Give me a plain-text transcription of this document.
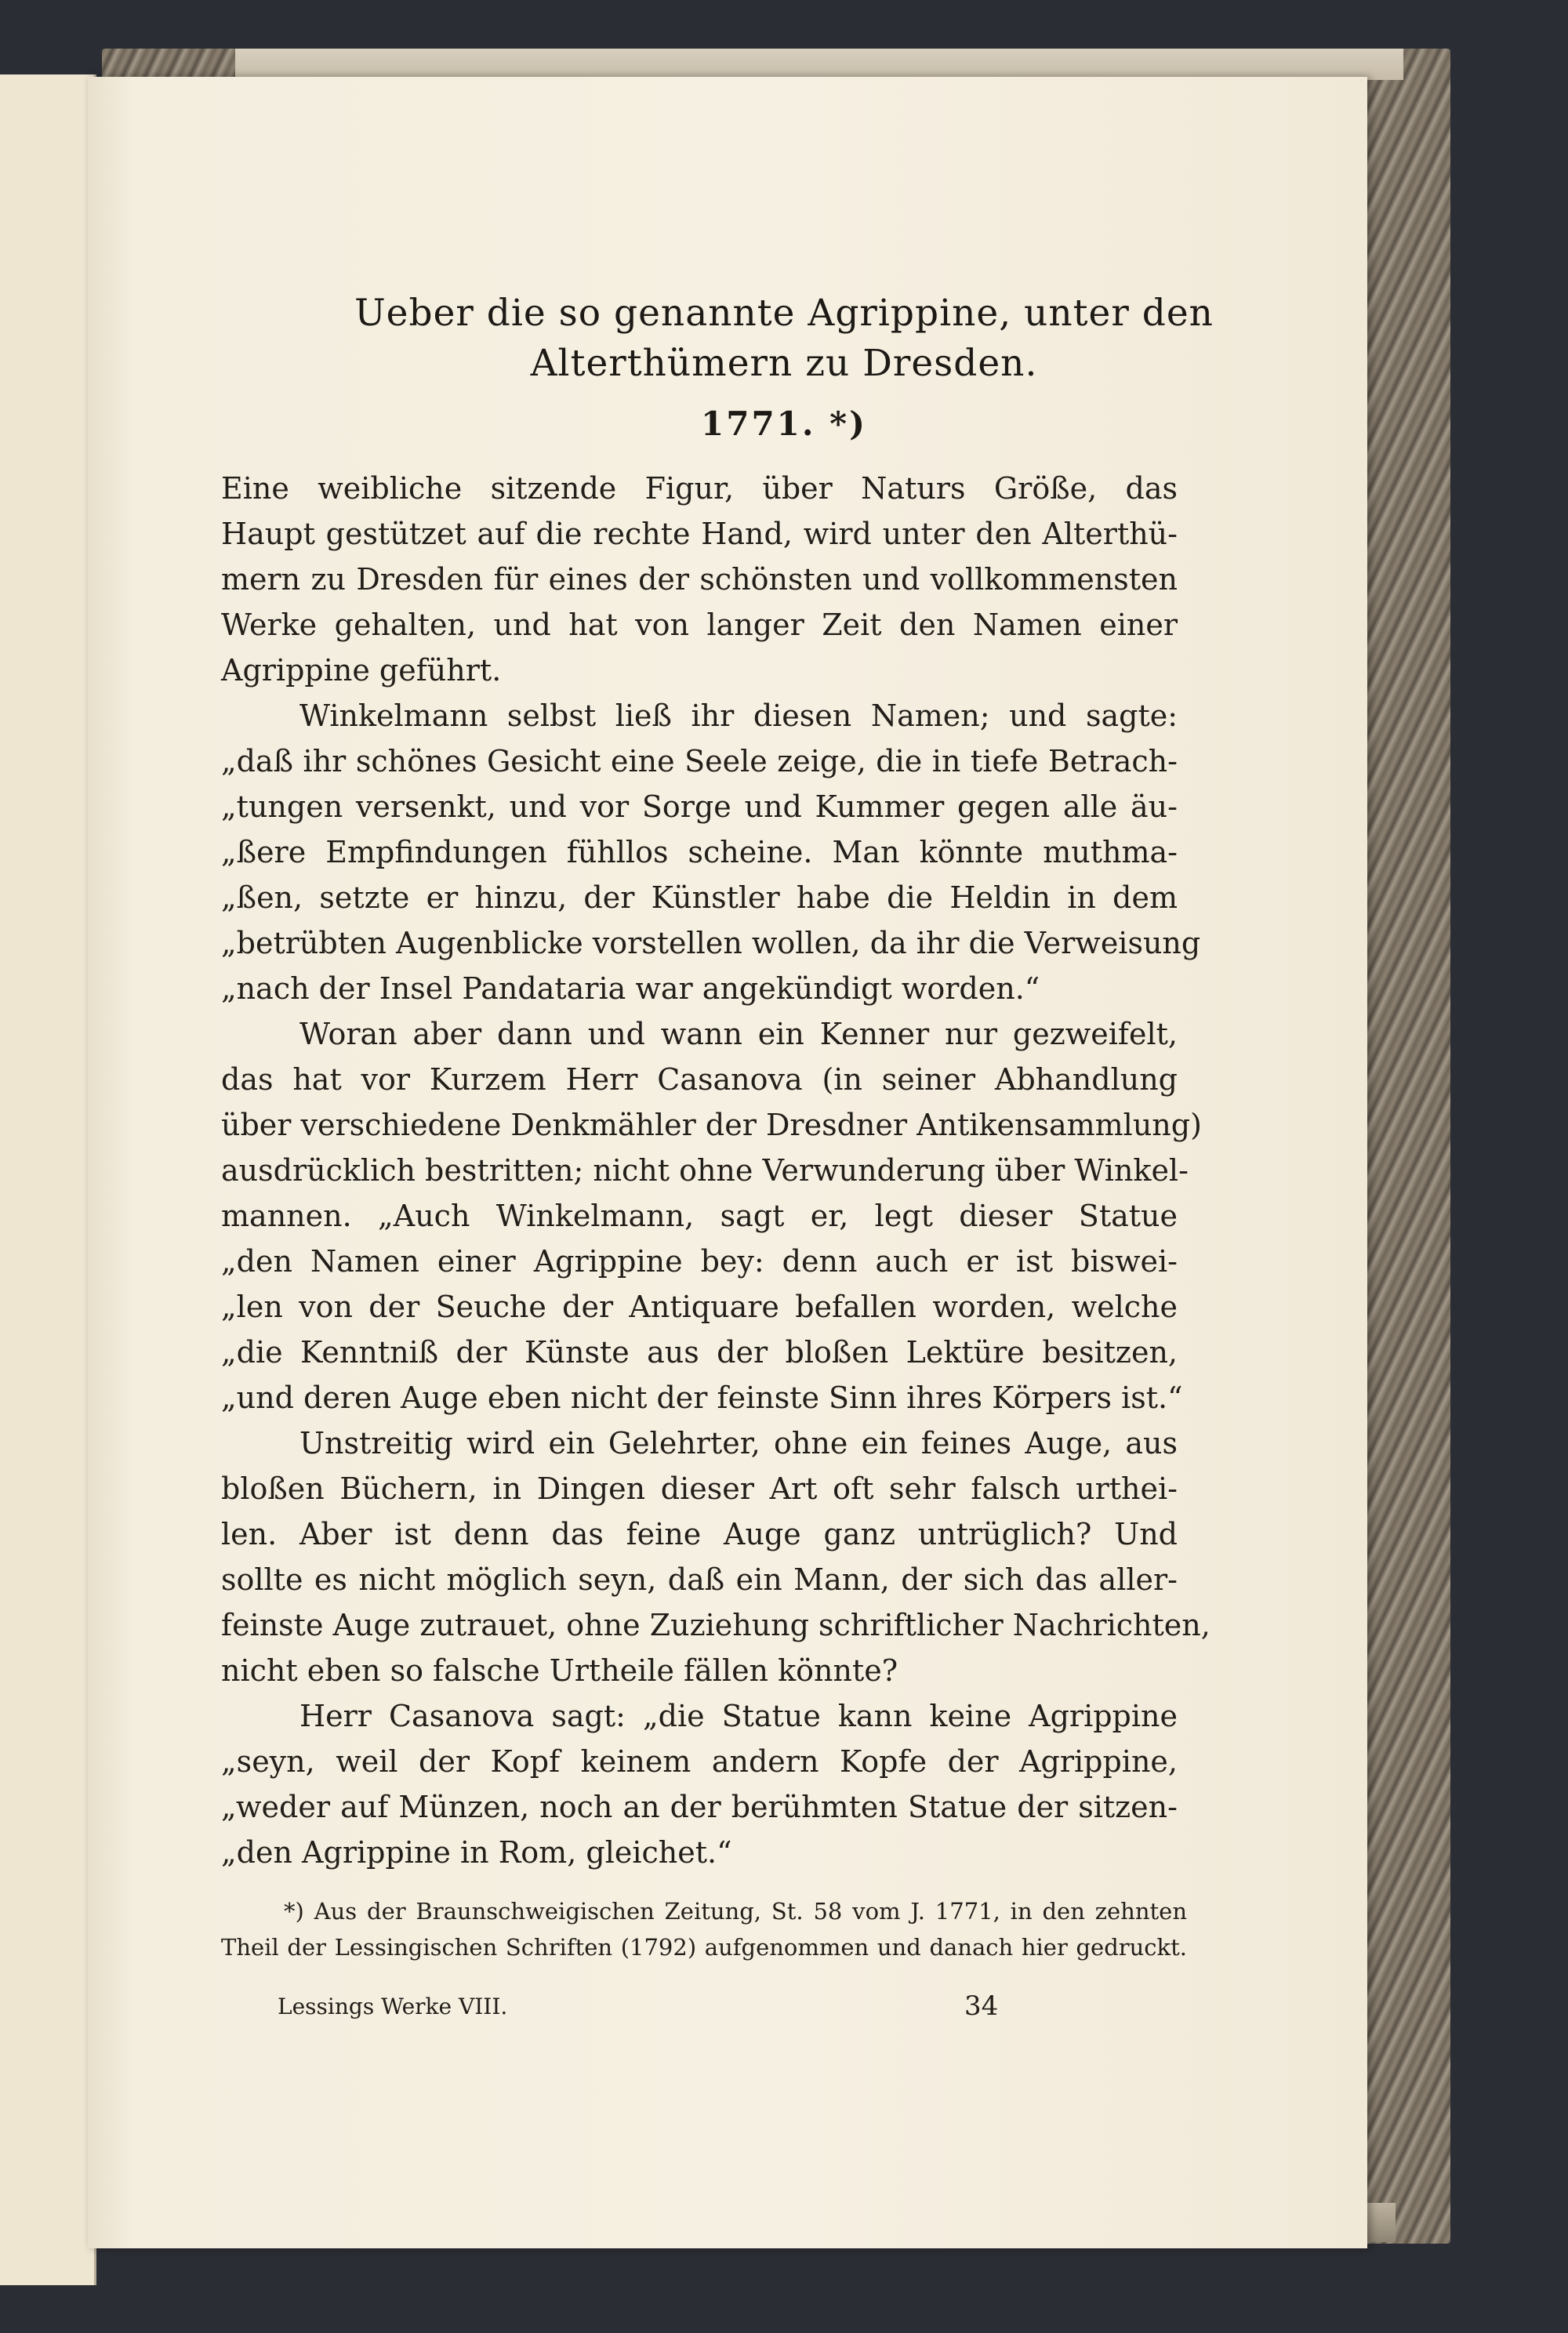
Ueber die so genannte Agrippine, unter den
Alterthümern zu Dresden.
1771. *)
Eine weibliche sitzende Figur, über Naturs Größe, das
Haupt gestützet auf die rechte Hand, wird unter den Alterthü-
mern zu Dresden für eines der schönsten und vollkommensten
Werke gehalten, und hat von langer Zeit den Namen einer
Agrippine geführt.
Winkelmann selbst ließ ihr diesen Namen; und sagte:
„daß ihr schönes Gesicht eine Seele zeige, die in tiefe Betrach-
„tungen versenkt, und vor Sorge und Kummer gegen alle äu-
„ßere Empfindungen fühllos scheine. Man könnte muthma-
„ßen, setzte er hinzu, der Künstler habe die Heldin in dem
„betrübten Augenblicke vorstellen wollen, da ihr die Verweisung
„nach der Insel Pandataria war angekündigt worden.“
Woran aber dann und wann ein Kenner nur gezweifelt,
das hat vor Kurzem Herr Casanova (in seiner Abhandlung
über verschiedene Denkmähler der Dresdner Antikensammlung)
ausdrücklich bestritten; nicht ohne Verwunderung über Winkel-
mannen. „Auch Winkelmann, sagt er, legt dieser Statue
„den Namen einer Agrippine bey: denn auch er ist biswei-
„len von der Seuche der Antiquare befallen worden, welche
„die Kenntniß der Künste aus der bloßen Lektüre besitzen,
„und deren Auge eben nicht der feinste Sinn ihres Körpers ist.“
Unstreitig wird ein Gelehrter, ohne ein feines Auge, aus
bloßen Büchern, in Dingen dieser Art oft sehr falsch urthei-
len. Aber ist denn das feine Auge ganz untrüglich? Und
sollte es nicht möglich seyn, daß ein Mann, der sich das aller-
feinste Auge zutrauet, ohne Zuziehung schriftlicher Nachrichten,
nicht eben so falsche Urtheile fällen könnte?
Herr Casanova sagt: „die Statue kann keine Agrippine
„seyn, weil der Kopf keinem andern Kopfe der Agrippine,
„weder auf Münzen, noch an der berühmten Statue der sitzen-
„den Agrippine in Rom, gleichet.“
*) Aus der Braunschweigischen Zeitung, St. 58 vom J. 1771, in den zehnten
Theil der Lessingischen Schriften (1792) aufgenommen und danach hier gedruckt.
Lessings Werke VIII.	34
